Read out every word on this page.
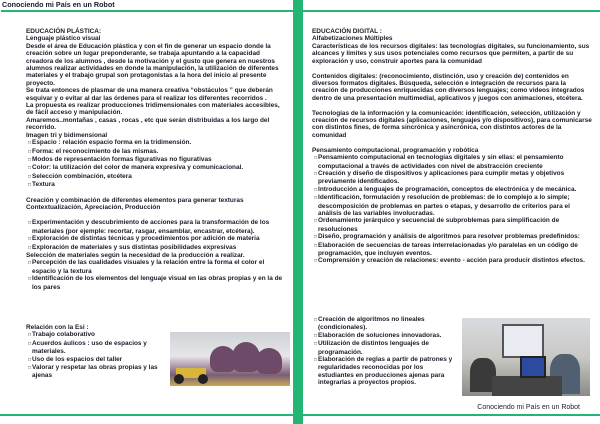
Conociendo mi País en un Robot
Conociendo mi País en un Robot

EDUCACIÓN PLÁSTICA:

Lenguaje plástico visual

Desde el área de Educación plástica y con el fin de generar un espacio donde la creación sobre un lugar preponderante, se trabaja apuntando a la capacidad creadora de los alumnos , desde la motivación y el gusto que genera en nuestros alumnos realizar actividades en donde la manipulación, la utilización de diferentes materiales y el trabajo grupal son protagonistas a la hora del inicio al presente proyecto.

Se trata entonces de plasmar de una manera creativa “obstáculos ” que deberán esquivar y o evitar al dar las órdenes para el realizar los diferentes recorridos .

La propuesta es realizar producciones tridimensionales con materiales accesibles, de fácil acceso y manipulación.

Amaremos..montañas , casas , rocas , etc que serán distribuidas a los largo del recorrido.

Imagen tri y bidimensional

□ Espacio : relación espacio forma en la tridimensión.

□ Forma: el reconocimiento de las mismas.

□ Modos de representación formas figurativas no figurativas

□ Color: la utilización del color de manera expresiva y comunicacional.

□ Selección combinación, etcétera

□ Textura

Creación y combinación de diferentes elementos para generar texturas

Contextualización, Apreciación, Producción

□ Experimentación y descubrimiento de acciones para la transformación de los materiales (por ejemple: recortar, rasgar, ensamblar, encastrar, etcétera).

□ Exploración de distintas técnicas y procedimientos por adición de materia

□ Exploración de materiales y sus distintas posibilidades expresivas

Selección de materiales según la necesidad de la producción a realizar.

□ Percepción de las cualidades visuales y la relación entre la forma el color el espacio y la textura

□ Identificación de los elementos del lenguaje visual en las obras propias y en la de los pares

Relación con la Esi :

□ Trabajo colaborativo

□ Acuerdos áulicos : uso de espacios y materiales.

□ Uso de los espacios del taller

□ Valorar y respetar las obras propias y las ajenas

EDUCACIÓN DIGITAL :

Alfabetizaciones Múltiples

Características de los recursos digitales: las tecnologías digitales, su funcionamiento, sus alcances y límites y sus usos potenciales como recursos que permiten, a partir de su exploración y uso, construir aportes para la comunidad

Contenidos digitales: (reconocimiento, distinción, uso y creación de) contenidos en diversos formatos digitales. Búsqueda, selección e integración de recursos para la creación de producciones enriquecidas con diversos lenguajes; como videos integrados dentro de una presentación multimedial, aplicativos y juegos con animaciones, etcétera.

Tecnologías de la información y la comunicación: identificación, selección, utilización y creación de recursos digitales (aplicaciones, lenguajes y/o dispositivos), para comunicarse con distintos fines, de forma sincrónica y asincrónica, con distintos actores de la comunidad

Pensamiento computacional, programación y robótica

□ Pensamiento computacional en tecnologías digitales y sin ellas: el pensamiento computacional a través de actividades con nivel de abstracción creciente

□ Creación y diseño de dispositivos y aplicaciones para cumplir metas y objetivos previamente identificados.

□ Introducción a lenguajes de programación, conceptos de electrónica y de mecánica.

□ Identificación, formulación y resolución de problemas: de lo complejo a lo simple; descomposición de problemas en partes o etapas, y desarrollo de criterios para el análisis de las variables involucradas.

□ Ordenamiento jerárquico y secuencial de subproblemas para simplificación de resoluciones

□ Diseño, programación y análisis de algoritmos para resolver problemas predefinidos:

□ Elaboración de secuencias de tareas interrelacionadas y/o paralelas en un código de programación, que incluyen eventos.

□ Comprensión y creación de relaciones: evento - acción para producir distintos efectos.

□ Creación de algoritmos no lineales (condicionales).

□ Elaboración de soluciones innovadoras.

□ Utilización de distintos lenguajes de programación.

□ Elaboración de reglas a partir de patrones y regularidades reconocidas por los estudiantes en producciones ajenas para integrarlas a proyectos propios.
